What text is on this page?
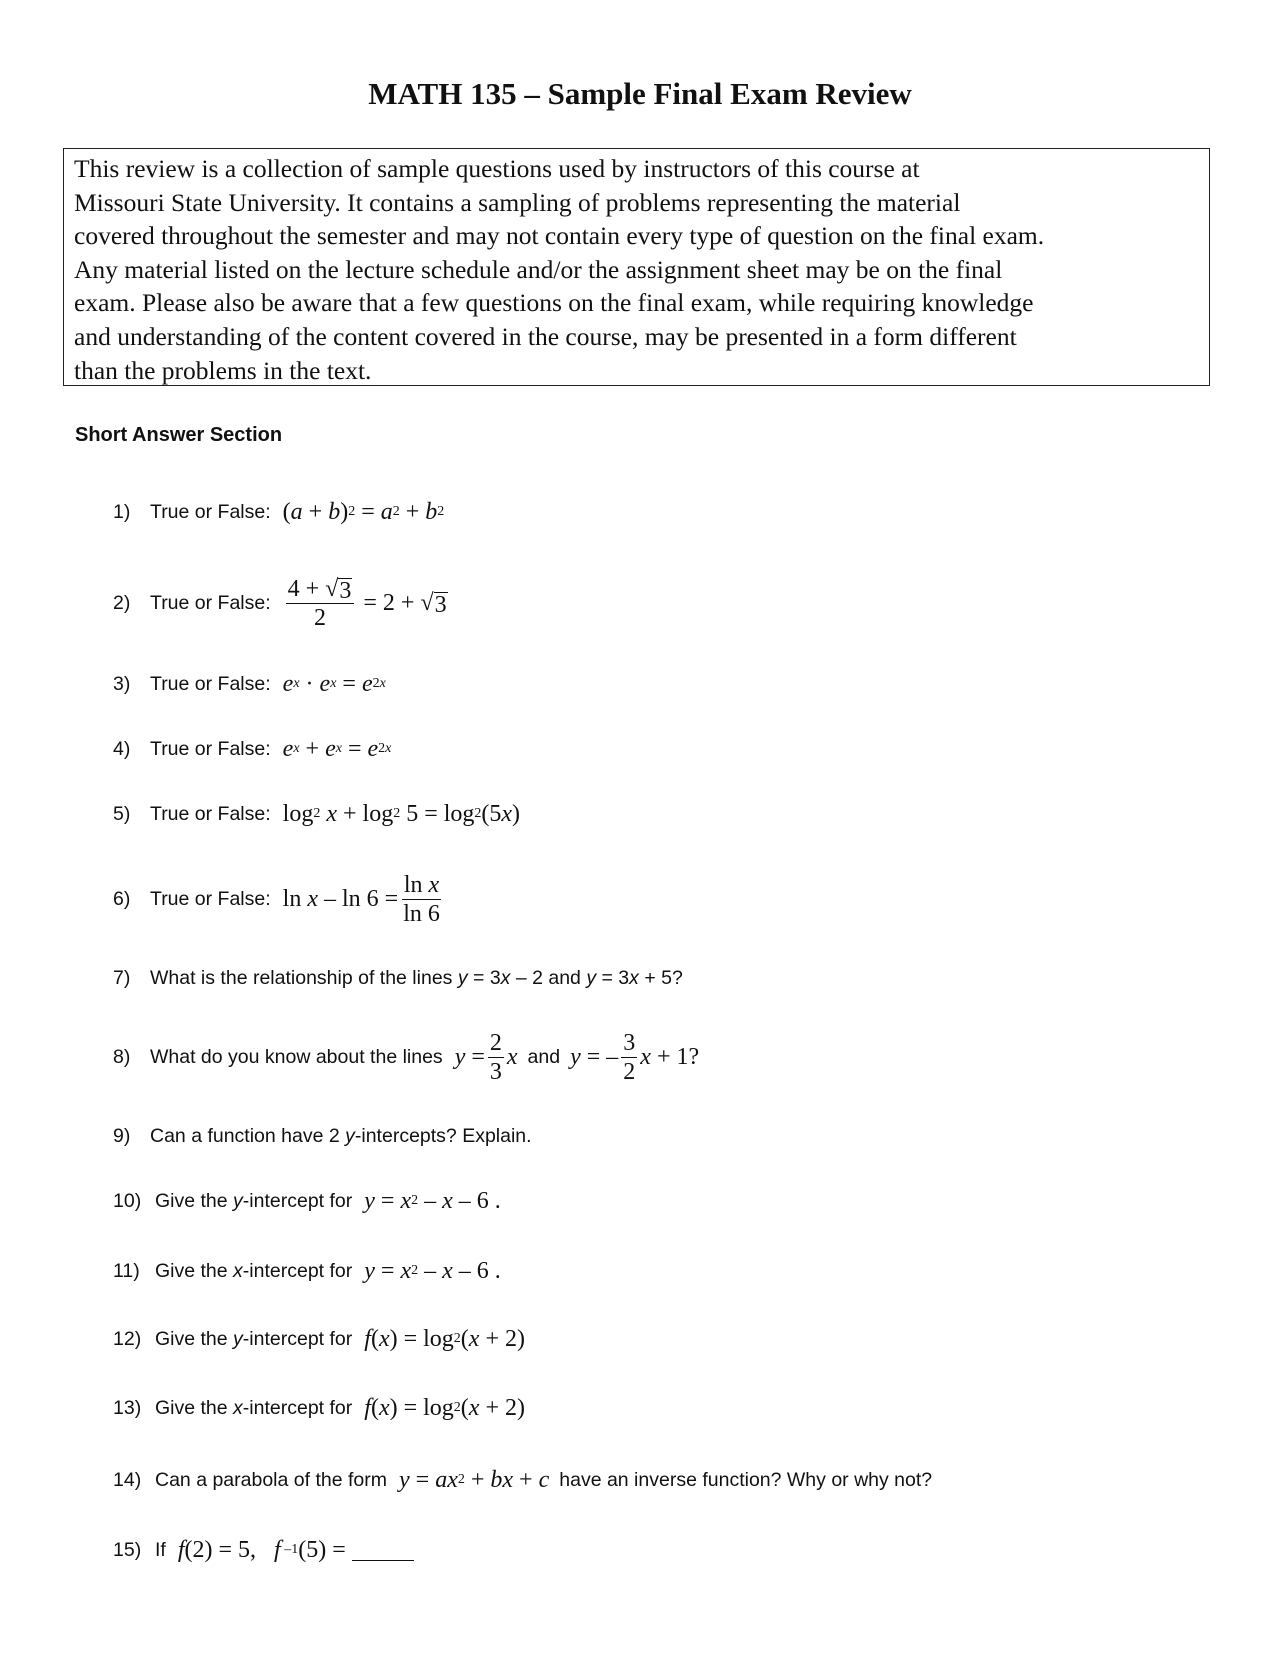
MATH 135 – Sample Final Exam Review
This review is a collection of sample questions used by instructors of this course at
Missouri State University. It contains a sampling of problems representing the material
covered throughout the semester and may not contain every type of question on the final exam.
Any material listed on the lecture schedule and/or the assignment sheet may be on the final
exam. Please also be aware that a few questions on the final exam, while requiring knowledge
and understanding of the content covered in the course, may be presented in a form different
than the problems in the text.
Short Answer Section
1)	True or False: ( a + b ) 2 = a 2 + b 2
2)	True or False: $\frac{4 + √ 3}{2} = 2$ + √ 3
3)	True or False: e x · e x = e 2x
4)	True or False: e x + e x = e 2x
5)	True or False: log 2
x + log 2 5 = log 2 (5 x )
6)	True or False: $\ln x - \ln 6 = \frac{\text{ln x}}{\ln 6}$
7)	What is the relationship of the lines y = 3x – 2 and y = 3x + 5?
8)	What do you know about the lines $y = \frac{2}{3}$ x and y = – $\frac{3}{2}$ x + 1?
9)	Can a function have 2 y-intercepts? Explain.
10) Give the y-intercept for y = x 2 – x – 6 .
11) Give the x-intercept for y = x 2 – x – 6 .
12) Give the y-intercept for f ( x ) = log 2 ( x + 2)
13) Give the x-intercept for f ( x ) = log 2 ( x + 2)
14) Can a parabola of the form y = ax 2 + bx + c have an inverse function? Why or why not?
15) If f (2) = 5, f –1 (5) =
